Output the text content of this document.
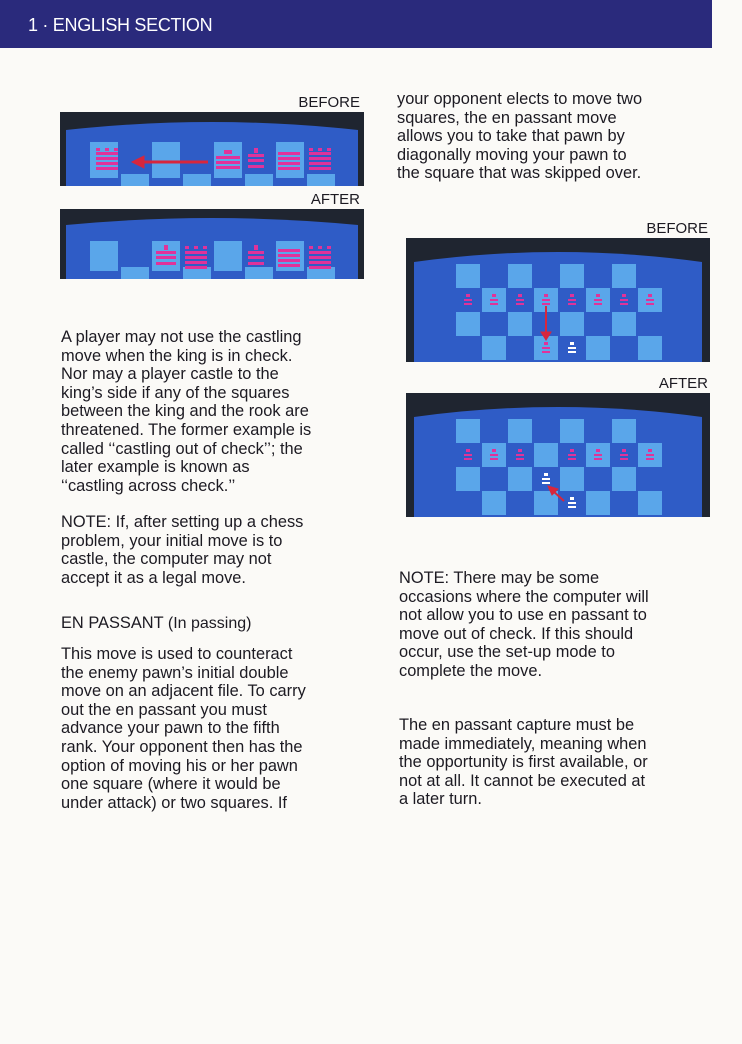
1 · ENGLISH SECTION
BEFORE
AFTER

A player may not use the castling

move when the king is in check.

Nor may a player castle to the

king’s side if any of the squares

between the king and the rook are

threatened. The former example is

called ‘‘castling out of check’’; the

later example is known as

‘‘castling across check.’’

NOTE: If, after setting up a chess

problem, your initial move is to

castle, the computer may not

accept it as a legal move.

EN PASSANT (In passing)

This move is used to counteract

the enemy pawn’s initial double

move on an adjacent file. To carry

out the en passant you must

advance your pawn to the fifth

rank. Your opponent then has the

option of moving his or her pawn

one square (where it would be

under attack) or two squares. If

your opponent elects to move two

squares, the en passant move

allows you to take that pawn by

diagonally moving your pawn to

the square that was skipped over.

BEFORE
AFTER

NOTE: There may be some

occasions where the computer will

not allow you to use en passant to

move out of check. If this should

occur, use the set-up mode to

complete the move.

The en passant capture must be

made immediately, meaning when

the opportunity is first available, or

not at all. It cannot be executed at

a later turn.
